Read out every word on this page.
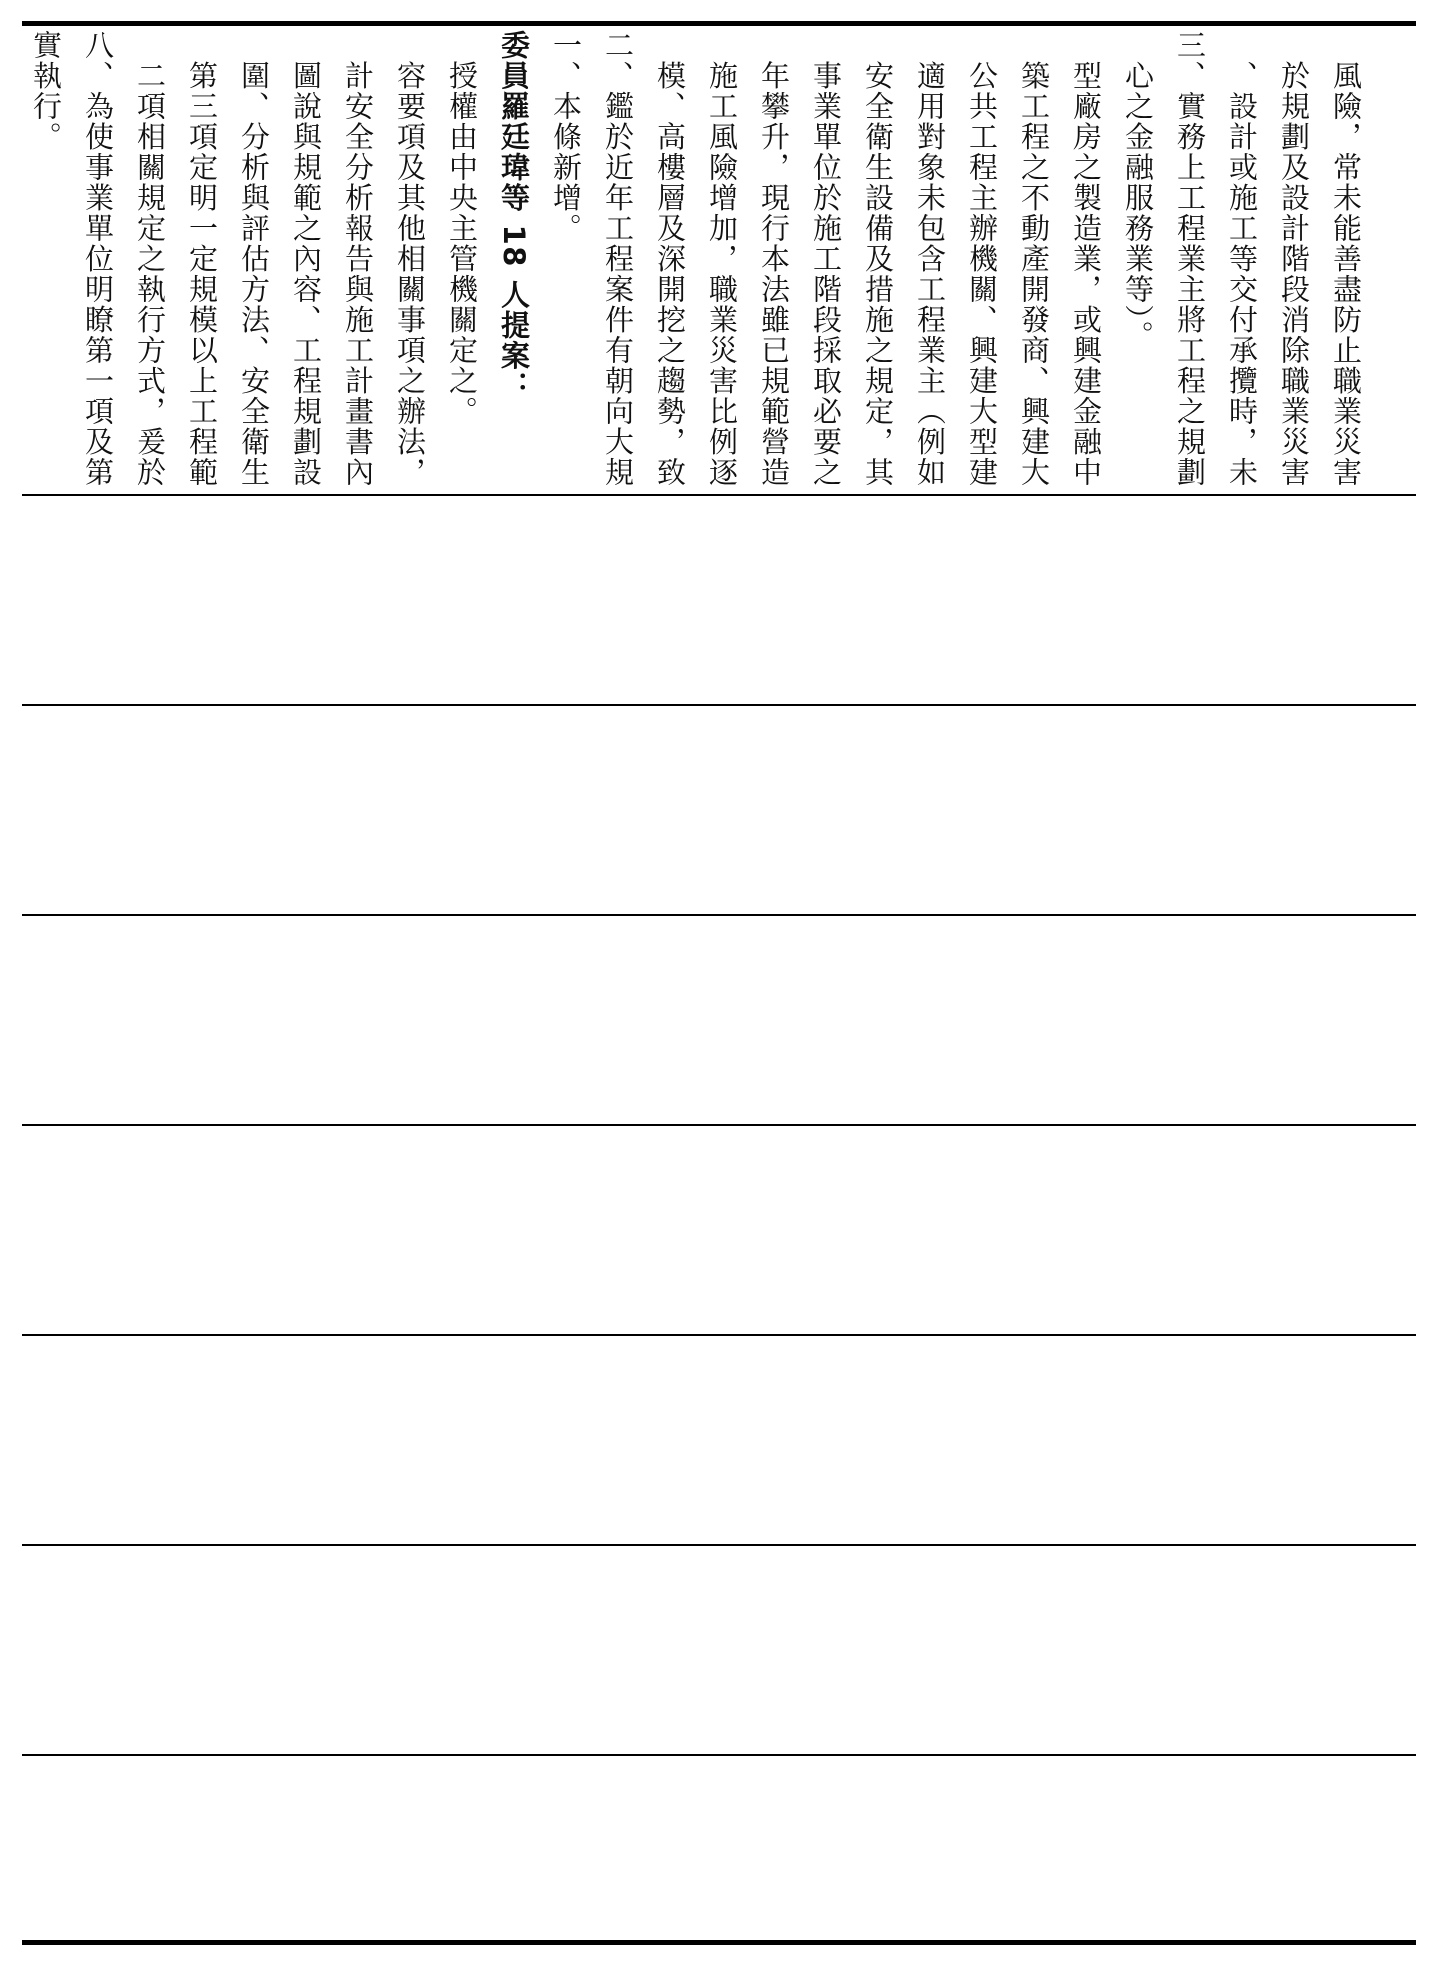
實執行。 八、為使事業單位明瞭第一項及第 　二項相關規定之執行方式，爰於 　第三項定明一定規模以上工程範 　圍、分析與評估方法、安全衛生 　圖說與規範之內容、工程規劃設 　計安全分析報告與施工計畫書內 　容要項及其他相關事項之辦法， 　授權由中央主管機關定之。 委員羅廷瑋等 18 人提案： 一、本條新增。 二、鑑於近年工程案件有朝向大規 　模、高樓層及深開挖之趨勢，致 　施工風險增加，職業災害比例逐 　年攀升，現行本法雖已規範營造 　事業單位於施工階段採取必要之 　安全衛生設備及措施之規定，其 　適用對象未包含工程業主（例如 　公共工程主辦機關、興建大型建 　築工程之不動產開發商、興建大 　型廠房之製造業，或興建金融中 　心之金融服務業等）。 三、實務上工程業主將工程之規劃 　、設計或施工等交付承攬時，未 　於規劃及設計階段消除職業災害 　風險，常未能善盡防止職業災害
